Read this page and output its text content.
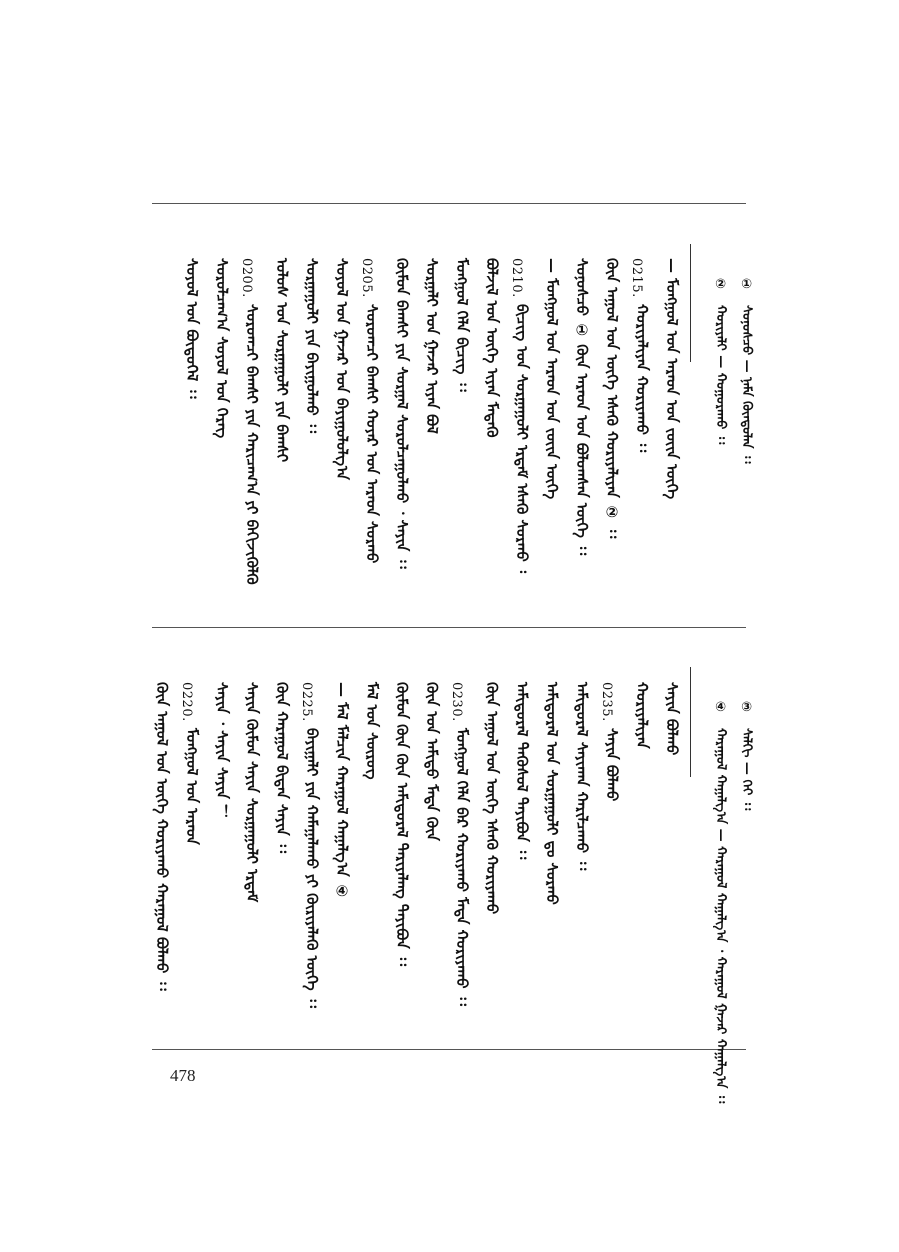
— ᠮᠣᠩᠭᠣᠯ ᠤᠨ ᠠᠷᠠᠳ ᠤᠨ ᠵᠦᠢᠨ ᠦᠭᠡ
0215.
ᠬᠤᠷᠢᠶᠠᠯᠢᠶᠠᠨ ᠬᠤᠷᠢᠶᠠᠬᠤ ᠄᠄
ᠬᠦᠨ ᠠᠭᠤᠯ ᠤᠨ ᠦᠭᠡ ᠡᠰᠡᠭᠦ ᠬᠤᠷᠢᠶᠠᠯᠢᠶᠠᠨ ② ᠄᠄
ᠰᠣᠨᠤᠰᠴᠤ ① ᠬᠦᠨ ᠠᠷᠠᠳ ᠤᠨ ᠪᠤᠯᠤᠭᠰᠠᠨ ᠦᠭᠡ ᠄᠄
— ᠮᠣᠩᠭᠣᠯ ᠤᠨ ᠠᠷᠠᠳ ᠤᠨ ᠵᠦᠢᠨ ᠦᠭᠡ
0210.
ᠪᠢᠴᠢᠭ ᠤᠨ ᠰᠤᠷᠭᠠᠭᠤᠯᠢ ᠡᠷᠳᠡᠮ ᠡᠰᠡᠭᠦ ᠰᠤᠷᠬᠤ ᠄
ᠪᠣᠯᠵᠢᠯ ᠤᠨ ᠦᠭᠡ ᠢᠶᠡᠨ ᠮᠡᠳᠡᠬᠦ
ᠮᠣᠩᠭᠣᠯ ᠬᠡᠯᠡ ᠪᠢᠴᠢᠭ ᠄᠄
ᠰᠤᠷᠭᠠᠯᠢ ᠤᠨ ᠭᠠᠵᠠᠷ ᠢᠶᠡᠨ ᠪᠤᠯ
ᠬᠦᠮᠦᠨ ᠪᠠᠭᠰᠢ ᠶᠢᠨ ᠰᠤᠷᠭᠠᠯ ᠰᠤᠷᠤᠯᠴᠠᠭᠤᠯᠬᠤ ᠂ ᠰᠠᠶᠢᠨ ᠄᠄
0205.
ᠰᠤᠷᠤᠭᠴᠢ ᠪᠠᠭᠰᠢ ᠬᠤᠶᠠᠷ ᠤᠨ ᠠᠷᠠᠳ ᠰᠤᠷᠬᠤ
ᠰᠣᠶᠣᠯ ᠤᠨ ᠭᠠᠵᠠᠷ ᠤᠨ ᠪᠠᠶᠢᠭᠤᠯᠤᠯᠭ᠎ᠠ
ᠰᠤᠷᠭᠠᠭᠤᠯᠢ ᠶᠢᠨ ᠪᠠᠶᠢᠭᠤᠯᠬᠤ ᠄᠄
ᠤᠯᠤᠰ ᠤᠨ ᠰᠤᠷᠭᠠᠭᠤᠯᠢ ᠶᠢᠨ ᠪᠠᠭᠰᠢ
0200.
ᠰᠤᠷᠤᠭᠴᠢ ᠪᠠᠭᠰᠢ ᠶᠢᠨ ᠬᠠᠷᠢᠴᠠᠭ᠎ᠠ ᠶᠢ ᠪᠡᠬᠢᠵᠢᠭᠦᠯᠬᠦ
ᠰᠤᠷᠤᠯᠴᠠᠭ᠎ᠠ ᠰᠣᠶᠣᠯ ᠤᠨ ᠬᠡᠷᠡᠭ
ᠰᠣᠶᠣᠯ ᠤᠨ ᠪᠦᠲᠦᠭᠡᠯ ᠄᠄	②　ᠬᠤᠷᠢᠶᠠᠯᠢ — ᠬᠤᠭᠤᠷᠠᠬᠤ ᠄᠄ ①　ᠰᠣᠨᠤᠰᠴᠤ — ᠨᠠᠮᠠ ᠬᠦᠨᠳᠦᠯᠡᠨ ᠄᠄
ᠰᠠᠶᠢᠨ ᠪᠣᠯᠬᠤ
ᠬᠤᠷᠢᠶᠠᠯᠢᠶᠠᠨ
0235.
ᠰᠠᠶᠢᠨ ᠪᠣᠯᠬᠤ
ᠠᠮᠢᠳᠤᠷᠠᠯ ᠰᠠᠶᠢᠬᠠᠨ ᠬᠠᠷᠢᠯᠴᠠᠬᠤ ᠄᠄
ᠠᠮᠢᠳᠤᠷᠠᠯ ᠤᠨ ᠰᠤᠷᠭᠠᠭᠤᠯᠢ ᠳᠤ ᠰᠤᠷᠬᠤ
ᠠᠮᠢᠳᠤᠷᠠᠯ ᠲᠡᠭᠦᠰᠦᠯ ᠲᠠᠶᠢᠪᠤᠨ ᠄᠄
ᠬᠦᠨ ᠠᠭᠤᠯ ᠤᠨ ᠦᠭᠡ ᠡᠰᠡᠭᠦ ᠬᠤᠷᠢᠶᠠᠬᠤ
0230.
ᠮᠣᠩᠭᠣᠯ ᠬᠡᠯᠡ ᠪᠡᠷ ᠬᠤᠷᠢᠶᠠᠬᠤ ᠮᠡᠳᠡ ᠬᠤᠷᠢᠶᠠᠬᠤ ᠄᠄
ᠬᠦᠨ ᠤᠨ ᠠᠮᠢᠳᠤ ᠮᠡᠳᠡ ᠬᠦᠨ
ᠬᠦᠮᠦᠨ ᠬᠦᠨ ᠬᠦᠨ ᠠᠮᠢᠳᠤᠷᠠᠯ ᠲᠠᠷᠢᠶᠠᠯᠠᠩ ᠲᠠᠶᠢᠪᠤᠨ ᠄᠄
ᠮᠠᠯ ᠤᠨ ᠰᠦᠷᠦᠭ
— ᠮᠠᠯ ᠮᠠᠯᠴᠢᠨ ᠬᠠᠷᠠᠭᠤᠯ ᠬᠠᠭᠠᠯᠭ᠎ᠠ ④
0225.
ᠪᠠᠶᠢᠭᠠᠯᠢ ᠶᠢᠨ ᠬᠠᠮᠠᠭᠠᠯᠠᠬᠤ ᠶᠢ ᠬᠦᠷᠢᠶᠡᠯᠡᠬᠦ ᠦᠭᠡ ᠄᠄
ᠬᠦᠨ ᠬᠠᠷᠠᠭᠤᠯ ᠪᠢᠳᠡᠨ ᠰᠠᠶᠢᠨ ᠄᠄
ᠰᠠᠶᠢᠨ ᠬᠦᠮᠦᠨ ᠰᠠᠶᠢᠨ ᠰᠤᠷᠭᠠᠭᠤᠯᠢ ᠡᠷᠳᠡᠮ
ᠰᠠᠶᠢᠨ ᠂ ᠰᠠᠶᠢᠨ ᠰᠠᠶᠢᠨ ！
0220.
ᠮᠣᠩᠭᠣᠯ ᠤᠨ ᠠᠷᠠᠳ
ᠬᠦᠨ ᠠᠭᠤᠯ ᠤᠨ ᠦᠭᠡ ᠬᠤᠷᠢᠶᠠᠬᠤ ᠬᠠᠷᠠᠭᠤᠯ ᠪᠣᠯᠬᠤ ᠄᠄	④　ᠬᠠᠷᠠᠭᠤᠯ ᠬᠠᠭᠠᠯᠭ᠎ᠠ — ᠬᠠᠷᠠᠭᠤᠯ ᠬᠠᠭᠠᠯᠭ᠎ᠠ ᠂ ᠬᠠᠷᠠᠭᠤᠯ ᠭᠠᠵᠠᠷ ᠬᠠᠭᠠᠯᠭ᠎ᠠ ᠄᠄ ③　ᠰᠠᠯᠬᠢ — ᠬᠡᠢ ᠄᠄
478
